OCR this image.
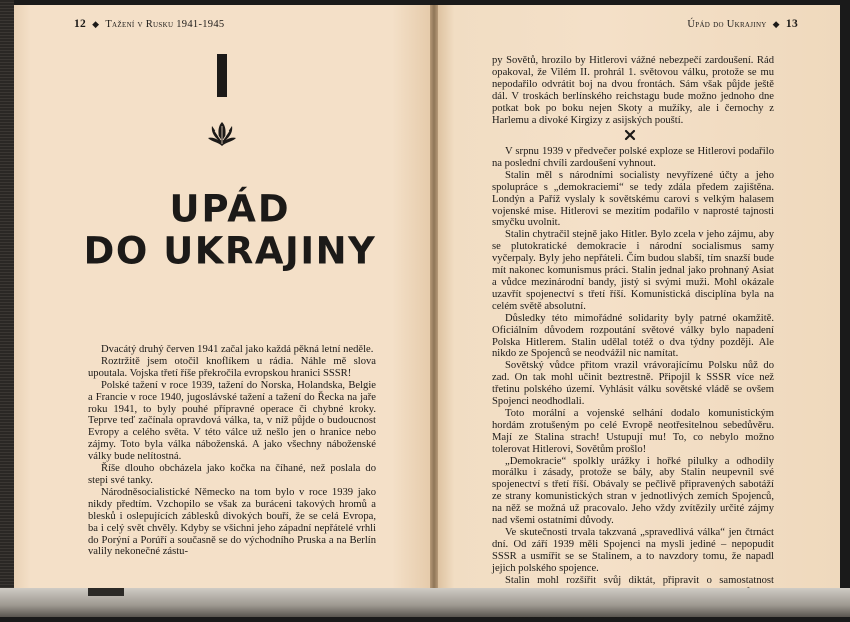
12 ◆ Tažení v Rusku 1941-1945
UPÁD
DO UKRAJINY

Dvacátý druhý červen 1941 začal jako každá pěkná letní neděle.

Roztržitě jsem otočil knoflíkem u rádia. Náhle mě slova upoutala. Vojska třetí říše překročila evropskou hranici SSSR!

Polské tažení v roce 1939, tažení do Norska, Holandska, Belgie a Francie v roce 1940, jugoslávské tažení a tažení do Řecka na jaře roku 1941, to byly pouhé přípravné operace či chybné kroky. Teprve teď začínala opravdová válka, ta, v níž půjde o budoucnost Evropy a celého světa. V této válce už nešlo jen o hranice nebo zájmy. Toto byla válka náboženská. A jako všechny náboženské války bude nelítostná.

Říše dlouho obcházela jako kočka na číhané, než poslala do stepi své tanky.

Národněsocialistické Německo na tom bylo v roce 1939 jako nikdy předtím. Vzchopilo se však za buráceni takových hromů a blesků i oslepujících záblesků divokých bouří, že se celá Evropa, ba i celý svět chvěly. Kdyby se všichni jeho západní nepřátelé vrhli do Porýní a Porúří a současně se do východního Pruska a na Berlín valily nekonečné zástu-

Úpád do Ukrajiny ◆ 13

py Sovětů, hrozilo by Hitlerovi vážné nebezpečí zardoušení. Rád opakoval, že Vilém II. prohrál 1. světovou válku, protože se mu nepodařilo odvrátit boj na dvou frontách. Sám však půjde ještě dál. V troskách berlínského reichstagu bude možno jednoho dne potkat bok po boku nejen Skoty a mužíky, ale i černochy z Harlemu a divoké Kirgizy z asijských pouští.

V srpnu 1939 v předvečer polské exploze se Hitlerovi podařilo na poslední chvíli zardoušení vyhnout.

Stalin měl s národními socialisty nevyřízené účty a jeho spolupráce s „demokraciemi“ se tedy zdála předem zajištěna. Londýn a Paříž vyslaly k sovětskému carovi s velkým halasem vojenské mise. Hitlerovi se mezitím podařilo v naprosté tajnosti smyčku uvolnit.

Stalin chytračil stejně jako Hitler. Bylo zcela v jeho zájmu, aby se plutokratické demokracie i národní socialismus samy vyčerpaly. Byly jeho nepřáteli. Čím budou slabší, tím snazší bude mít nakonec komunismus práci. Stalin jednal jako prohnaný Asiat a vůdce mezinárodní bandy, jistý si svými muži. Mohl okázale uzavřít spojenectví s třetí říší. Komunistická disciplína byla na celém světě absolutní.

Důsledky této mimořádné solidarity byly patrné okamžitě. Oficiálním důvodem rozpoutání světové války bylo napadení Polska Hitlerem. Stalin udělal totéž o dva týdny později. Ale nikdo ze Spojenců se neodvážil nic namítat.

Sovětský vůdce přitom vrazil vrávorajícímu Polsku nůž do zad. On tak mohl učinit beztrestně. Připojil k SSSR více než třetinu polského území. Vyhlásit válku sovětské vládě se ovšem Spojenci neodhodlali.

Toto morální a vojenské selhání dodalo komunistickým hordám zrotušeným po celé Evropě neotřesitelnou sebedůvěru. Mají ze Stalina strach! Ustupují mu! To, co nebylo možno tolerovat Hitlerovi, Sovětům prošlo!

„Demokracie“ spolkly urážky i hořké pilulky a odhodily morálku i zásady, protože se bály, aby Stalin neupevnil své spojenectví s třetí říší. Obávaly se pečlivě připravených sabotáží ze strany komunistických stran v jednotlivých zemích Spojenců, na něž se možná už pracovalo. Jeho vždy zvítězily určité zájmy nad všemi ostatními důvody.

Ve skutečnosti trvala takzvaná „spravedlivá válka“ jen čtrnáct dní. Od září 1939 měli Spojenci na mysli jediné – nepopudit SSSR a usmířit se se Stalinem, a to navzdory tomu, že napadl jejich polského spojence.

Stalin mohl rozšířit svůj diktát, připravit o samostatnost
